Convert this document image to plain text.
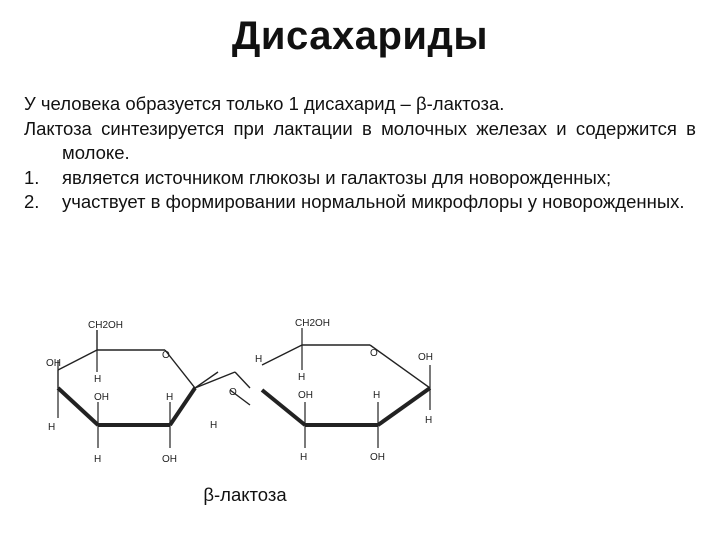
Дисахариды

У человека образуется только 1 дисахарид – β-лактоза.

Лактоза синтезируется при лактации в молочных железах и содержится в молоке.

1.	является источником глюкозы и галактозы для новорожденных;
2.	участвует в формировании нормальной микрофлоры у новорожденных.
CH2OH
O
OH
H
OH	H
H	H
H	OH
O
CH2OH
O	OH
H
OH	H
H
H	OH
H
β-лактоза
